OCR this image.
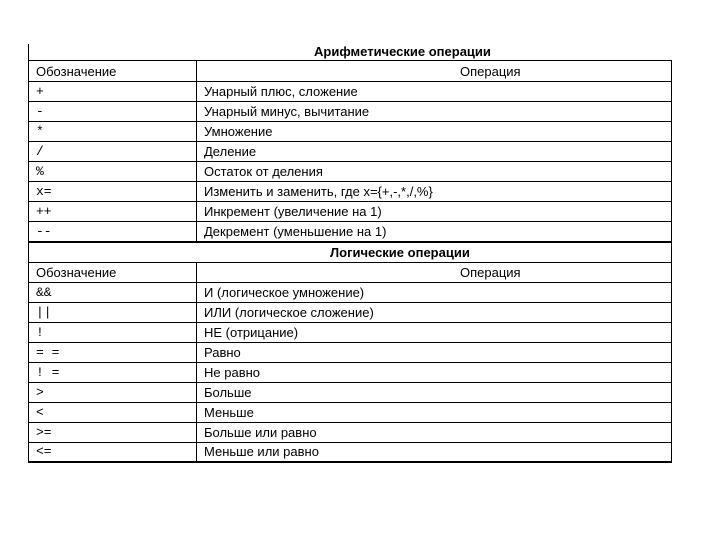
Арифметические операции
Логические операции
Обозначение	Операция
+	Унарный плюс, сложение
-	Унарный минус, вычитание
*	Умножение
/	Деление
%	Остаток от деления
x=	Изменить и заменить, где x={+,-,*,/,%}
++	Инкремент (увеличение на 1)
--	Декремент (уменьшение на 1)
Обозначение	Операция
&&	И (логическое умножение)
||	ИЛИ (логическое сложение)
!	НЕ (отрицание)
= =	Равно
! =	Не равно
>	Больше
<	Меньше
>=	Больше или равно
<=	Меньше или равно
